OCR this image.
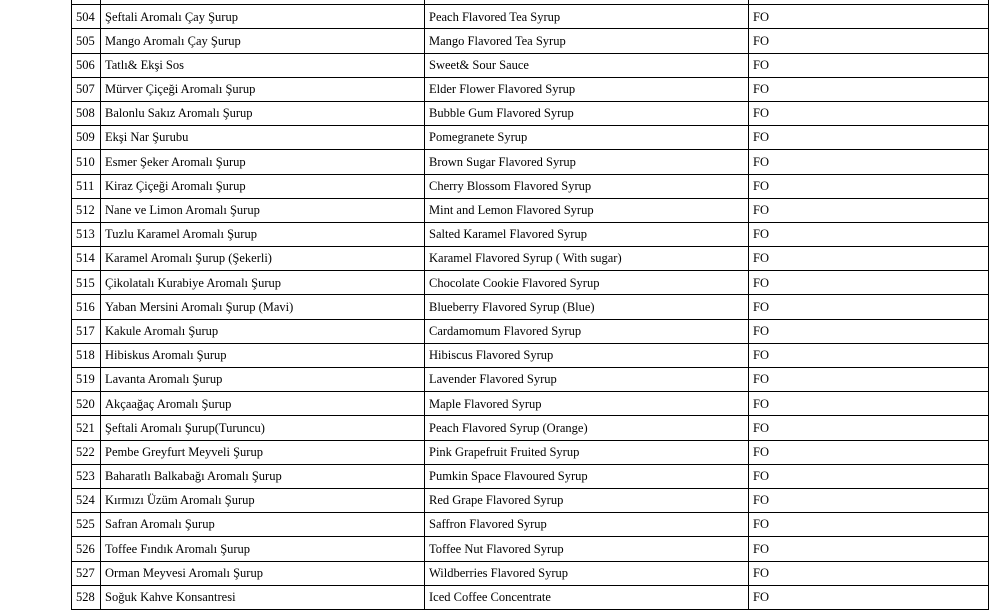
504	Şeftali Aromalı Çay Şurup	Peach Flavored Tea Syrup	FO
505	Mango Aromalı Çay Şurup	Mango Flavored Tea Syrup	FO
506	Tatlı& Ekşi Sos	Sweet& Sour Sauce	FO
507	Mürver Çiçeği Aromalı Şurup	Elder Flower Flavored Syrup	FO
508	Balonlu Sakız Aromalı Şurup	Bubble Gum Flavored Syrup	FO
509	Ekşi Nar Şurubu	Pomegranete Syrup	FO
510	Esmer Şeker Aromalı Şurup	Brown Sugar Flavored Syrup	FO
511	Kiraz Çiçeği Aromalı Şurup	Cherry Blossom Flavored Syrup	FO
512	Nane ve Limon Aromalı Şurup	Mint and Lemon Flavored Syrup	FO
513	Tuzlu Karamel Aromalı Şurup	Salted Karamel Flavored Syrup	FO
514	Karamel Aromalı Şurup (Şekerli)	Karamel Flavored Syrup ( With sugar)	FO
515	Çikolatalı Kurabiye Aromalı Şurup	Chocolate Cookie Flavored Syrup	FO
516	Yaban Mersini Aromalı Şurup (Mavi)	Blueberry Flavored Syrup (Blue)	FO
517	Kakule Aromalı Şurup	Cardamomum Flavored Syrup	FO
518	Hibiskus Aromalı Şurup	Hibiscus Flavored Syrup	FO
519	Lavanta Aromalı Şurup	Lavender Flavored Syrup	FO
520	Akçaağaç Aromalı Şurup	Maple Flavored Syrup	FO
521	Şeftali Aromalı Şurup(Turuncu)	Peach Flavored Syrup (Orange)	FO
522	Pembe Greyfurt Meyveli Şurup	Pink Grapefruit Fruited Syrup	FO
523	Baharatlı Balkabağı Aromalı Şurup	Pumkin Space Flavoured Syrup	FO
524	Kırmızı Üzüm Aromalı Şurup	Red Grape Flavored Syrup	FO
525	Safran Aromalı Şurup	Saffron Flavored Syrup	FO
526	Toffee Fındık Aromalı Şurup	Toffee Nut Flavored Syrup	FO
527	Orman Meyvesi Aromalı Şurup	Wildberries Flavored Syrup	FO
528	Soğuk Kahve Konsantresi	Iced Coffee Concentrate	FO
